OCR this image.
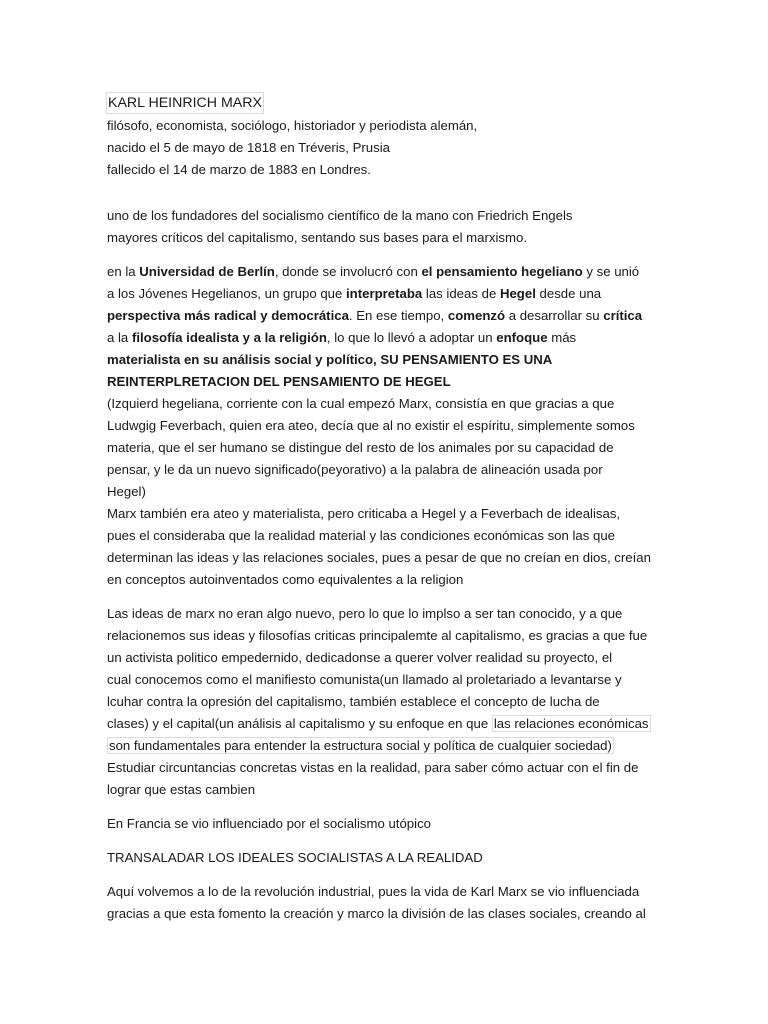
KARL HEINRICH MARX
filósofo, economista, sociólogo, historiador y periodista alemán,
nacido el 5 de mayo de 1818 en Tréveris, Prusia
fallecido el 14 de marzo de 1883 en Londres.
uno de los fundadores del socialismo científico de la mano con Friedrich Engels
mayores críticos del capitalismo, sentando sus bases para el marxismo.
en la Universidad de Berlín, donde se involucró con el pensamiento hegeliano y se unió
a los Jóvenes Hegelianos, un grupo que interpretaba las ideas de Hegel desde una
perspectiva más radical y democrática. En ese tiempo, comenzó a desarrollar su crítica
a la filosofía idealista y a la religión, lo que lo llevó a adoptar un enfoque más
materialista en su análisis social y político, SU PENSAMIENTO ES UNA
REINTERPLRETACION DEL PENSAMIENTO DE HEGEL
(Izquierd hegeliana, corriente con la cual empezó Marx, consistía en que gracias a que
Ludwgig Feverbach, quien era ateo, decía que al no existir el espíritu, simplemente somos
materia, que el ser humano se distingue del resto de los animales por su capacidad de
pensar, y le da un nuevo significado(peyorativo) a la palabra de alineación usada por
Hegel)
Marx también era ateo y materialista, pero criticaba a Hegel y a Feverbach de idealisas,
pues el consideraba que la realidad material y las condiciones económicas son las que
determinan las ideas y las relaciones sociales, pues a pesar de que no creían en dios, creían
en conceptos autoinventados como equivalentes a la religion
Las ideas de marx no eran algo nuevo, pero lo que lo implso a ser tan conocido, y a que
relacionemos sus ideas y filosofías criticas principalemte al capitalismo, es gracias a que fue
un activista politico empedernido, dedicadonse a querer volver realidad su proyecto, el
cual conocemos como el manifiesto comunista(un llamado al proletariado a levantarse y
lcuhar contra la opresión del capitalismo, también establece el concepto de lucha de
clases) y el capital(un análisis al capitalismo y su enfoque en que las relaciones económicas
son fundamentales para entender la estructura social y política de cualquier sociedad)
Estudiar circuntancias concretas vistas en la realidad, para saber cómo actuar con el fin de
lograr que estas cambien
En Francia se vio influenciado por el socialismo utópico
TRANSALADAR LOS IDEALES SOCIALISTAS A LA REALIDAD
Aquí volvemos a lo de la revolución industrial, pues la vida de Karl Marx se vio influenciada
gracias a que esta fomento la creación y marco la división de las clases sociales, creando al
